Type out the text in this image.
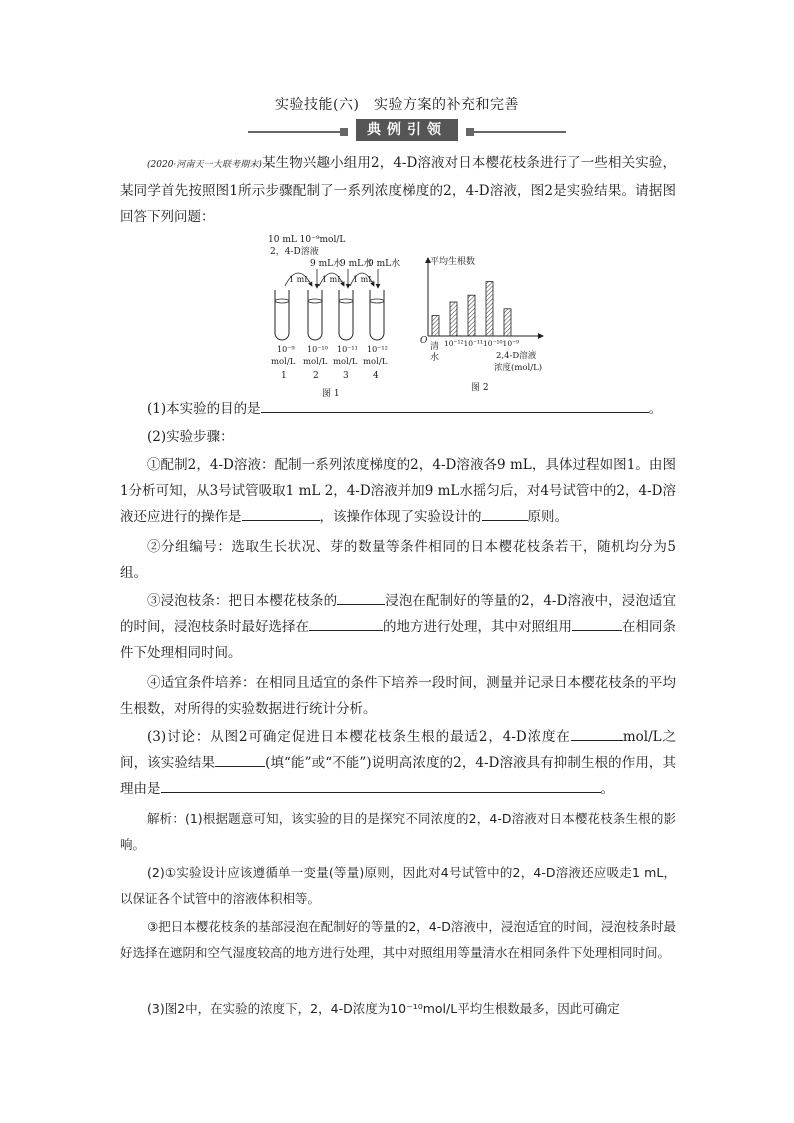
实验技能(六)　实验方案的补充和完善
典例引领
(2020·河南天一大联考期末)某生物兴趣小组用2，4-D溶液对日本樱花枝条进行了一些相关实验，某同学首先按照图1所示步骤配制了一系列浓度梯度的2，4-D溶液，图2是实验结果。请据图回答下列问题：
10 mL 10⁻⁹mol/L
2，4-D溶液
9 mL水
9 mL水
9 mL水
1 mL 1 mL 1 mL
10⁻⁹ 10⁻¹⁰ 10⁻¹¹ 10⁻¹²
mol/L mol/L mol/L mol/L
1	2	3	4
图 1
平均生根数
O
清
水
10⁻¹²10⁻¹¹10⁻¹⁰10⁻⁹
2,4-D溶液
浓度(mol/L)
图 2
(1)本实验的目的是	。
(2)实验步骤：
①配制2，4-D溶液：配制一系列浓度梯度的2，4-D溶液各9 mL，具体过程如图1。由图1分析可知，从3号试管吸取1 mL 2，4-D溶液并加9 mL水摇匀后，对4号试管中的2，4-D溶液还应进行的操作是	，该操作体现了实验设计的	原则。
②分组编号：选取生长状况、芽的数量等条件相同的日本樱花枝条若干，随机均分为5组。
③浸泡枝条：把日本樱花枝条的	浸泡在配制好的等量的2，4-D溶液中，浸泡适宜的时间，浸泡枝条时最好选择在	的地方进行处理，其中对照组用	在相同条件下处理相同时间。
④适宜条件培养：在相同且适宜的条件下培养一段时间，测量并记录日本樱花枝条的平均生根数，对所得的实验数据进行统计分析。
(3)讨论：从图2可确定促进日本樱花枝条生根的最适2，4-D浓度在	mol/L之间，该实验结果	(填“能”或“不能”)说明高浓度的2，4-D溶液具有抑制生根的作用，其理由是	。
解析：(1)根据题意可知，该实验的目的是探究不同浓度的2，4-D溶液对日本樱花枝条生根的影响。
(2)①实验设计应该遵循单一变量(等量)原则，因此对4号试管中的2，4-D溶液还应吸走1 mL，以保证各个试管中的溶液体积相等。
③把日本樱花枝条的基部浸泡在配制好的等量的2，4-D溶液中，浸泡适宜的时间，浸泡枝条时最好选择在遮阴和空气湿度较高的地方进行处理，其中对照组用等量清水在相同条件下处理相同时间。
(3)图2中，在实验的浓度下，2，4-D浓度为10⁻¹⁰mol/L平均生根数最多，因此可确定
